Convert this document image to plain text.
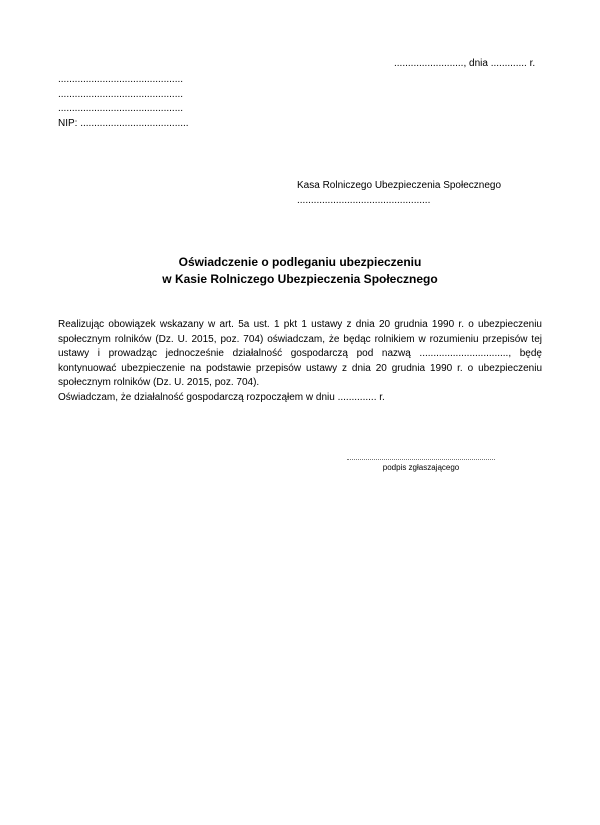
........................., dnia ............. r.
.............................................
.............................................
.............................................
NIP: .......................................
Kasa Rolniczego Ubezpieczenia Społecznego
................................................
Oświadczenie o podleganiu ubezpieczeniu
w Kasie Rolniczego Ubezpieczenia Społecznego
Realizując obowiązek wskazany w art. 5a ust. 1 pkt 1 ustawy z dnia 20 grudnia 1990 r. o ubezpieczeniu społecznym rolników (Dz. U. 2015, poz. 704) oświadczam, że będąc rolnikiem w rozumieniu przepisów tej ustawy i prowadząc jednocześnie działalność gospodarczą pod nazwą ................................, będę kontynuować ubezpieczenie na podstawie przepisów ustawy z dnia 20 grudnia 1990 r. o ubezpieczeniu społecznym rolników (Dz. U. 2015, poz. 704).
Oświadczam, że działalność gospodarczą rozpocząłem w dniu .............. r.
podpis zgłaszającego
